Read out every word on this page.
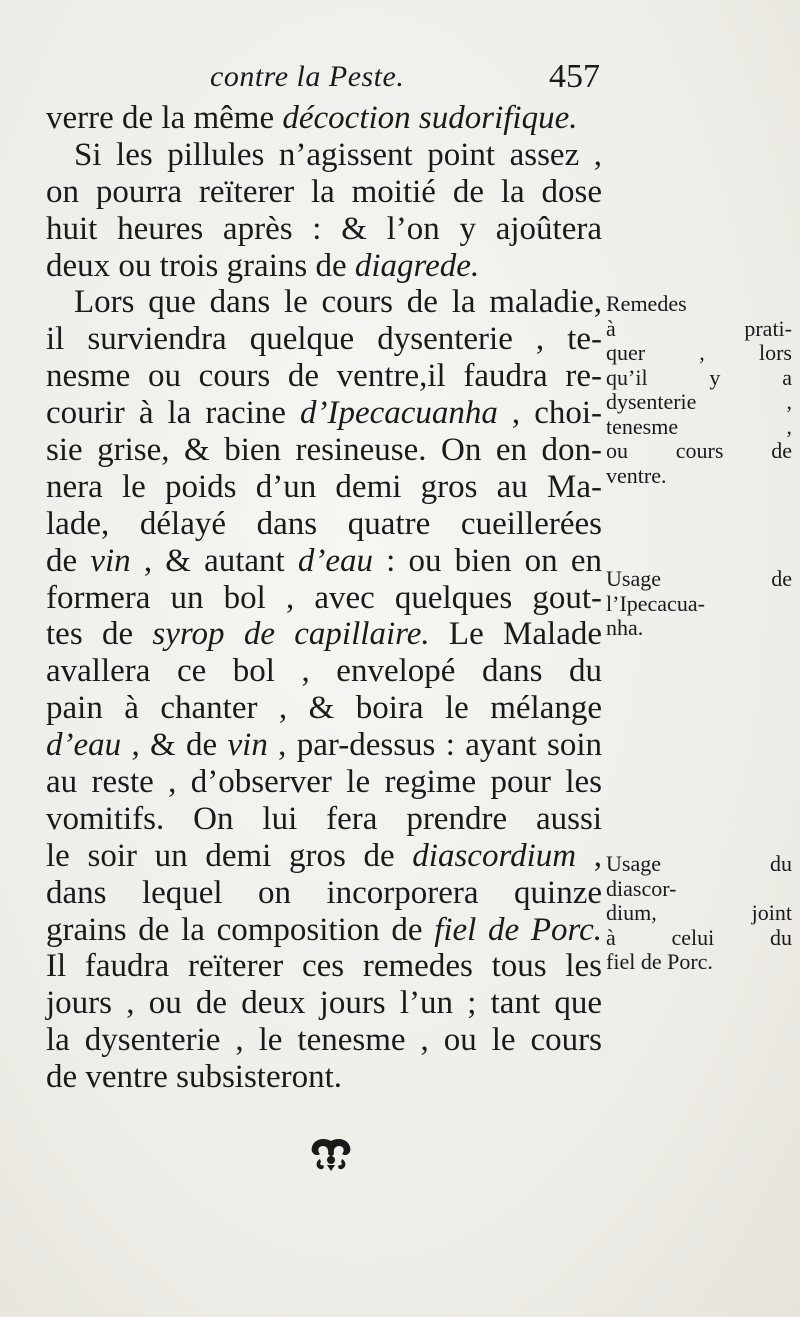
contre la Peste.	457
verre de la même décoction sudorifique.
Si les pillules n’agissent point assez ,
on pourra reïterer la moitié de la dose
huit heures après : & l’on y ajoûtera
deux ou trois grains de diagrede.
Lors que dans le cours de la maladie,
il surviendra quelque dysenterie , te-
nesme ou cours de ventre,il faudra re-
courir à la racine d’Ipecacuanha , choi-
sie grise, & bien resineuse. On en don-
nera le poids d’un demi gros au Ma-
lade, délayé dans quatre cueillerées
de vin , & autant d’eau : ou bien on en
formera un bol , avec quelques gout-
tes de syrop de capillaire. Le Malade
avallera ce bol , envelopé dans du
pain à chanter , & boira le mélange
d’eau , & de vin , par-dessus : ayant soin
au reste , d’observer le regime pour les
vomitifs. On lui fera prendre aussi
le soir un demi gros de diascordium ,
dans lequel on incorporera quinze
grains de la composition de fiel de Porc.
Il faudra reïterer ces remedes tous les
jours , ou de deux jours l’un ; tant que
la dysenterie , le tenesme , ou le cours
de ventre subsisteront.
Remedes
à prati-
quer , lors
qu’il y a
dysenterie ,
tenesme ,
ou cours de
ventre.
Usage de
l’Ipecacua-
nha.
Usage du
diascor-
dium, joint
à celui du
fiel de Porc.
